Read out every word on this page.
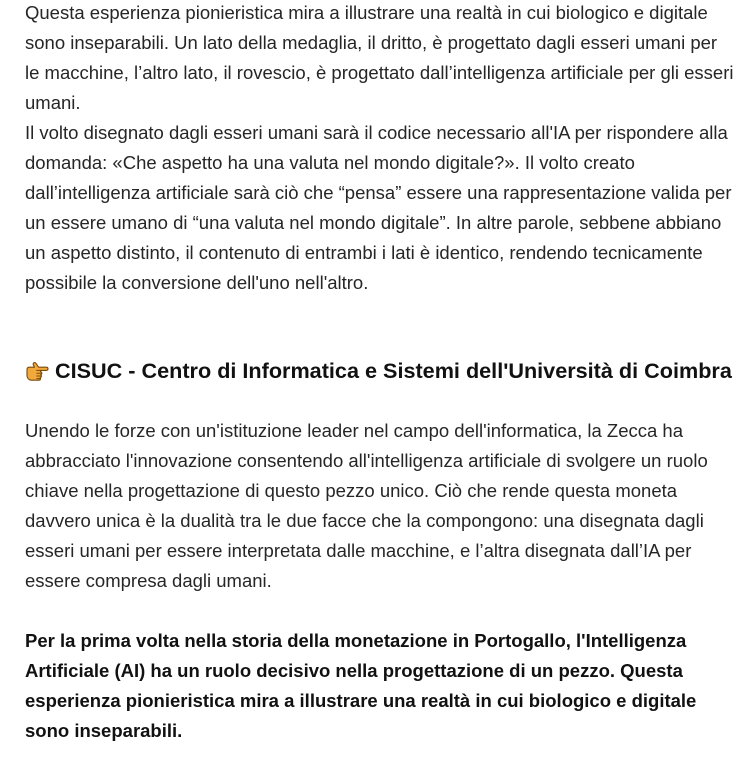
Questa esperienza pionieristica mira a illustrare una realtà in cui biologico e digitale sono inseparabili. Un lato della medaglia, il dritto, è progettato dagli esseri umani per le macchine, l’altro lato, il rovescio, è progettato dall’intelligenza artificiale per gli esseri umani.

Il volto disegnato dagli esseri umani sarà il codice necessario all'IA per rispondere alla domanda: «Che aspetto ha una valuta nel mondo digitale?». Il volto creato dall’intelligenza artificiale sarà ciò che “pensa” essere una rappresentazione valida per un essere umano di “una valuta nel mondo digitale”. In altre parole, sebbene abbiano un aspetto distinto, il contenuto di entrambi i lati è identico, rendendo tecnicamente possibile la conversione dell'uno nell'altro.

CISUC - Centro di Informatica e Sistemi dell'Università di Coimbra

Unendo le forze con un'istituzione leader nel campo dell'informatica, la Zecca ha abbracciato l'innovazione consentendo all'intelligenza artificiale di svolgere un ruolo chiave nella progettazione di questo pezzo unico. Ciò che rende questa moneta davvero unica è la dualità tra le due facce che la compongono: una disegnata dagli esseri umani per essere interpretata dalle macchine, e l’altra disegnata dall’IA per essere compresa dagli umani.

Per la prima volta nella storia della monetazione in Portogallo, l'Intelligenza Artificiale (AI) ha un ruolo decisivo nella progettazione di un pezzo. Questa esperienza pionieristica mira a illustrare una realtà in cui biologico e digitale sono inseparabili.
